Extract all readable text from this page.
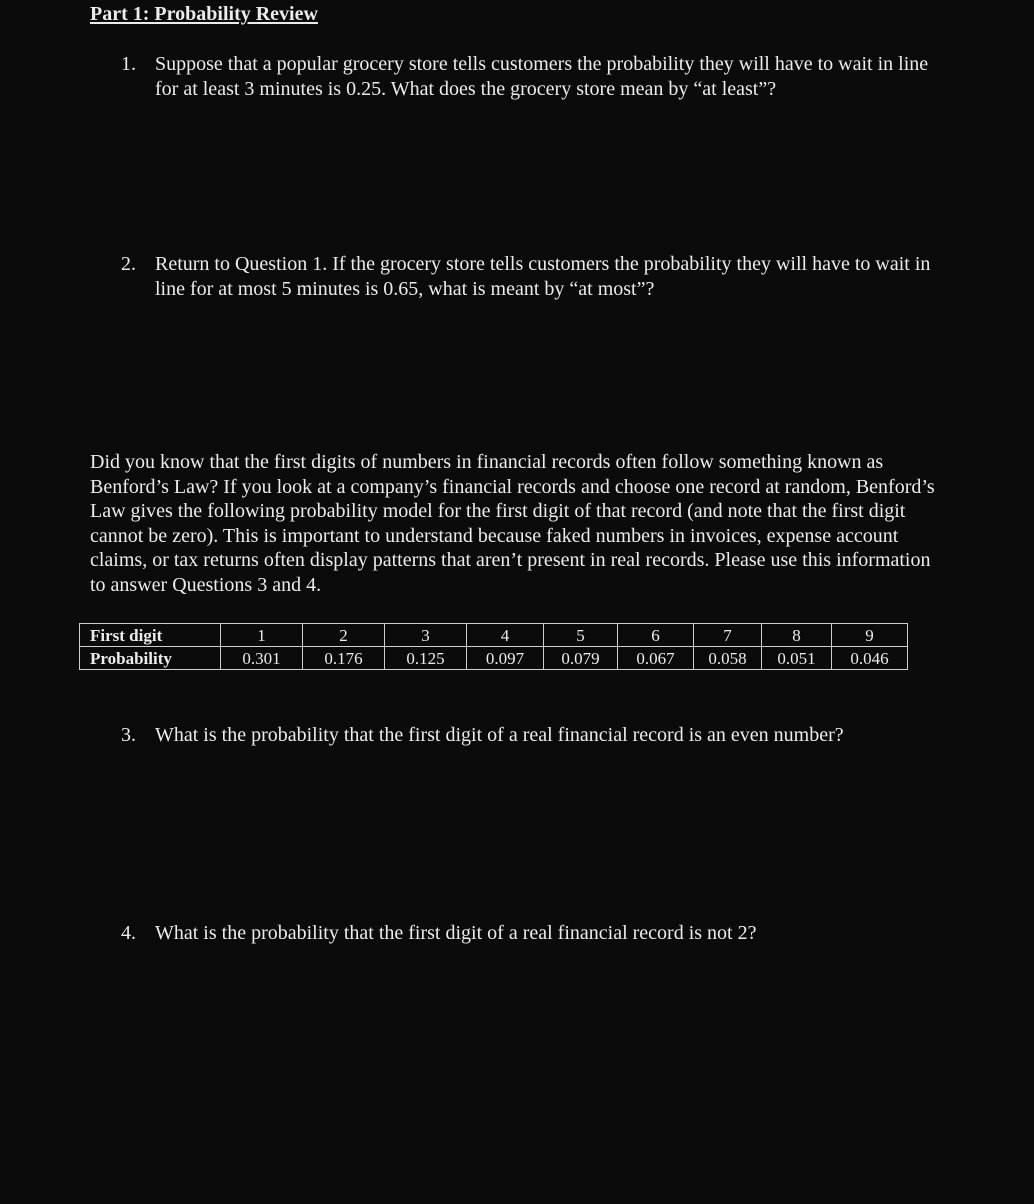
Part 1: Probability Review
1. Suppose that a popular grocery store tells customers the probability they will have to wait in line for at least 3 minutes is 0.25. What does the grocery store mean by “at least”?
2. Return to Question 1. If the grocery store tells customers the probability they will have to wait in line for at most 5 minutes is 0.65, what is meant by “at most”?

Did you know that the first digits of numbers in financial records often follow something known as Benford’s Law? If you look at a company’s financial records and choose one record at random, Benford’s Law gives the following probability model for the first digit of that record (and note that the first digit cannot be zero). This is important to understand because faked numbers in invoices, expense account claims, or tax returns often display patterns that aren’t present in real records. Please use this information to answer Questions 3 and 4.

First digit	1	2	3	4	5	6	7	8	9
Probability	0.301	0.176	0.125	0.097	0.079	0.067	0.058	0.051	0.046
3. What is the probability that the first digit of a real financial record is an even number?
4. What is the probability that the first digit of a real financial record is not 2?
